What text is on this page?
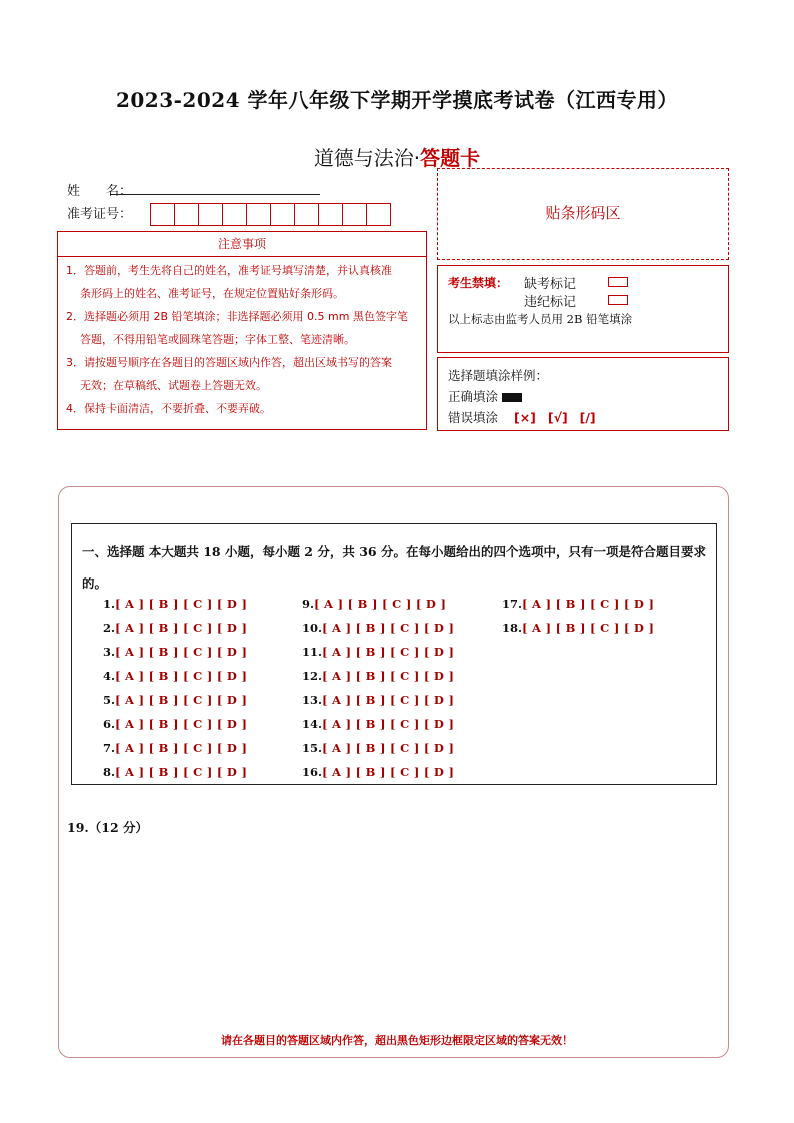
2023-2024 学年八年级下学期开学摸底考试卷（江西专用）
道德与法治·答题卡
姓　　名：
准考证号：	贴条形码区
注意事项
1．答题前，考生先将自己的姓名，准考证号填写清楚，并认真核准
条形码上的姓名、准考证号，在规定位置贴好条形码。
2．选择题必须用 2B 铅笔填涂；非选择题必须用 0.5 mm 黑色签字笔
答题，不得用铅笔或圆珠笔答题；字体工整、笔迹清晰。
3．请按题号顺序在各题目的答题区域内作答，超出区域书写的答案
无效；在草稿纸、试题卷上答题无效。
4．保持卡面清洁，不要折叠、不要弄破。
考生禁填： 缺考标记
违纪标记
以上标志由监考人员用 2B 铅笔填涂
选择题填涂样例：
正确填涂
错误填涂 [×] [√] [/]
一、选择题 本大题共 18 小题，每小题 2 分，共 36 分。在每小题给出的四个选项中，只有一项是符合题目要求的。
1.[ A ] [ B ] [ C ] [ D ]
2.[ A ] [ B ] [ C ] [ D ]
3.[ A ] [ B ] [ C ] [ D ]
4.[ A ] [ B ] [ C ] [ D ]
5.[ A ] [ B ] [ C ] [ D ]
6.[ A ] [ B ] [ C ] [ D ]
7.[ A ] [ B ] [ C ] [ D ]
8.[ A ] [ B ] [ C ] [ D ]
9.[ A ] [ B ] [ C ] [ D ]
10.[ A ] [ B ] [ C ] [ D ]
11.[ A ] [ B ] [ C ] [ D ]
12.[ A ] [ B ] [ C ] [ D ]
13.[ A ] [ B ] [ C ] [ D ]
14.[ A ] [ B ] [ C ] [ D ]
15.[ A ] [ B ] [ C ] [ D ]
16.[ A ] [ B ] [ C ] [ D ]
17.[ A ] [ B ] [ C ] [ D ]
18.[ A ] [ B ] [ C ] [ D ]
19.（12 分）
请在各题目的答题区域内作答，超出黑色矩形边框限定区域的答案无效！
